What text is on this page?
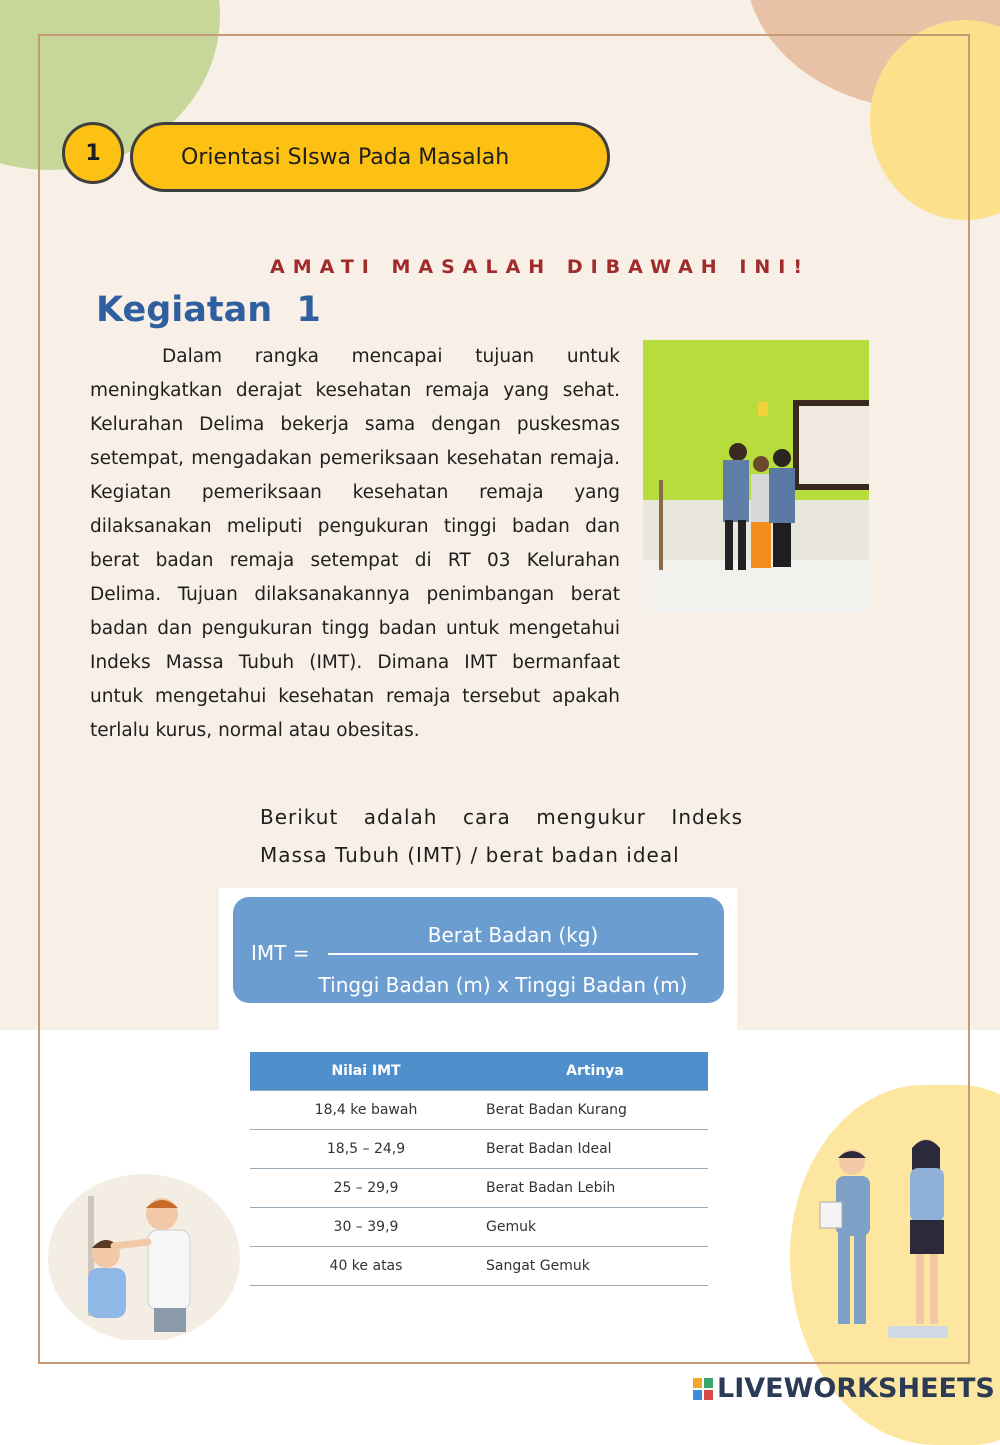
1	Orientasi SIswa Pada Masalah
AMATI MASALAH DIBAWAH INI!
Kegiatan  1

Dalam rangka mencapai tujuan untuk meningkatkan derajat kesehatan remaja yang sehat. Kelurahan Delima bekerja sama dengan puskesmas setempat, mengadakan pemeriksaan kesehatan remaja. Kegiatan pemeriksaan kesehatan remaja yang dilaksanakan meliputi pengukuran tinggi badan dan berat badan remaja setempat di RT 03 Kelurahan Delima. Tujuan dilaksanakannya penimbangan berat badan dan pengukuran tingg badan untuk mengetahui Indeks Massa Tubuh (IMT). Dimana IMT bermanfaat untuk mengetahui kesehatan remaja tersebut apakah terlalu kurus, normal atau obesitas.

Berikut adalah cara mengukur Indeks Massa Tubuh (IMT) / berat badan ideal

IMT =
Berat Badan (kg)
Tinggi Badan (m) x Tinggi Badan (m)
Nilai IMT	Artinya
18,4 ke bawah	Berat Badan Kurang
18,5 – 24,9	Berat Badan Ideal
25 – 29,9	Berat Badan Lebih
30 – 39,9	Gemuk
40 ke atas	Sangat Gemuk
LIVEWORKSHEETS
